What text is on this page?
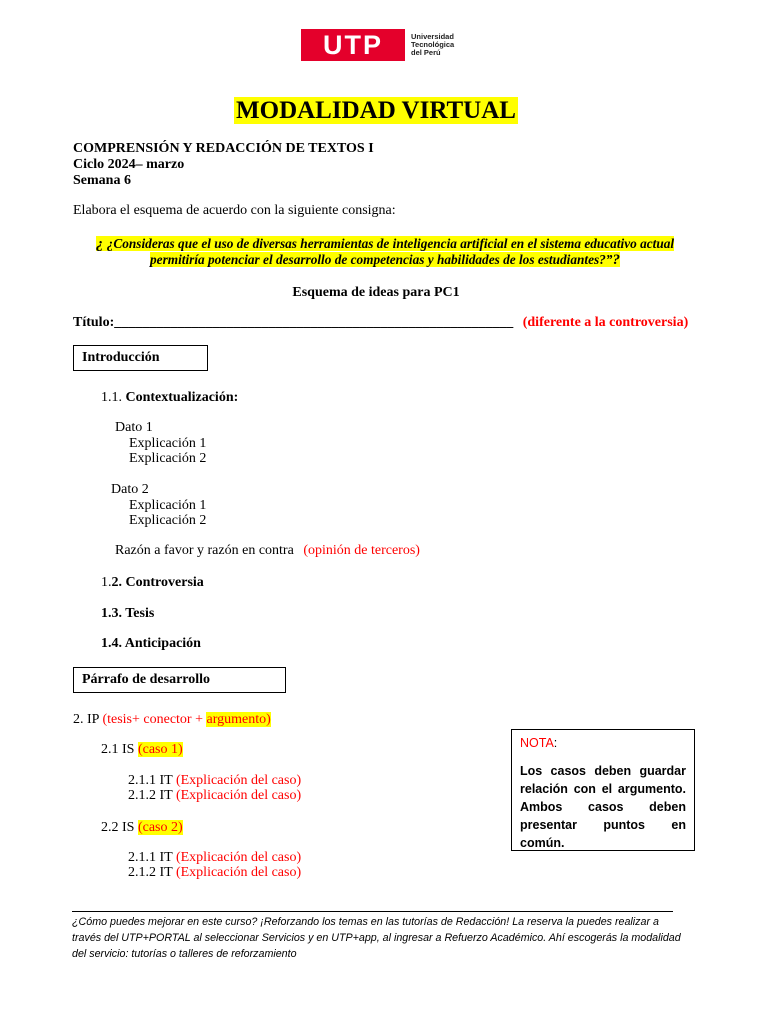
UTP	Universidad
Tecnológica
del Perú
MODALIDAD VIRTUAL
COMPRENSIÓN Y REDACCIÓN DE TEXTOS I
Ciclo 2024– marzo
Semana 6
Elabora el esquema de acuerdo con la siguiente consigna:
¿ ¿Consideras que el uso de diversas herramientas de inteligencia artificial en el sistema educativo actual permitiría potenciar el desarrollo de competencias y habilidades de los estudiantes?”?
Esquema de ideas para PC1
Título:_________________________________________________________ (diferente a la controversia)
Introducción
1.1. Contextualización:
Dato 1
Explicación 1
Explicación 2
Dato 2
Explicación 1
Explicación 2
Razón a favor y razón en contra (opinión de terceros)
1.2. Controversia
1.3. Tesis
1.4. Anticipación
Párrafo de desarrollo
2. IP (tesis+ conector + argumento)
2.1 IS (caso 1)
2.1.1 IT (Explicación del caso)
2.1.2 IT (Explicación del caso)
2.2 IS (caso 2)
2.1.1 IT (Explicación del caso)
2.1.2 IT (Explicación del caso)
NOTA:
Los casos deben guardar relación con el argumento. Ambos casos deben presentar puntos en común.
¿Cómo puedes mejorar en este curso? ¡Reforzando los temas en las tutorías de Redacción! La reserva la puedes realizar a través del UTP+PORTAL al seleccionar Servicios y en UTP+app, al ingresar a Refuerzo Académico. Ahí escogerás la modalidad del servicio: tutorías o talleres de reforzamiento
